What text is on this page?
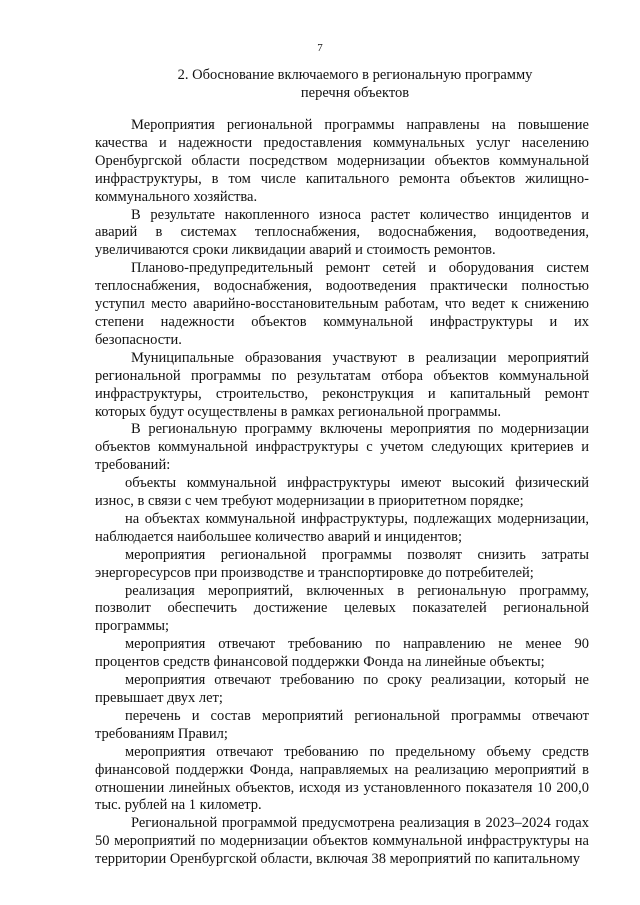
7
2. Обоснование включаемого в региональную программу
перечня объектов

Мероприятия региональной программы направлены на повышение качества и надежности предоставления коммунальных услуг населению Оренбургской области посредством модернизации объектов коммунальной инфраструктуры, в том числе капитального ремонта объектов жилищно-коммунального хозяйства.

В результате накопленного износа растет количество инцидентов и аварий в системах теплоснабжения, водоснабжения, водоотведения, увеличиваются сроки ликвидации аварий и стоимость ремонтов.

Планово-предупредительный ремонт сетей и оборудования систем теплоснабжения, водоснабжения, водоотведения практически полностью уступил место аварийно-восстановительным работам, что ведет к снижению степени надежности объектов коммунальной инфраструктуры и их безопасности.

Муниципальные образования участвуют в реализации мероприятий региональной программы по результатам отбора объектов коммунальной инфраструктуры, строительство, реконструкция и капитальный ремонт которых будут осуществлены в рамках региональной программы.

В региональную программу включены мероприятия по модернизации объектов коммунальной инфраструктуры с учетом следующих критериев и требований:

объекты коммунальной инфраструктуры имеют высокий физический износ, в связи с чем требуют модернизации в приоритетном порядке;

на объектах коммунальной инфраструктуры, подлежащих модернизации, наблюдается наибольшее количество аварий и инцидентов;

мероприятия региональной программы позволят снизить затраты энергоресурсов при производстве и транспортировке до потребителей;

реализация мероприятий, включенных в региональную программу, позволит обеспечить достижение целевых показателей региональной программы;

мероприятия отвечают требованию по направлению не менее 90 процентов средств финансовой поддержки Фонда на линейные объекты;

мероприятия отвечают требованию по сроку реализации, который не превышает двух лет;

перечень и состав мероприятий региональной программы отвечают требованиям Правил;

мероприятия отвечают требованию по предельному объему средств финансовой поддержки Фонда, направляемых на реализацию мероприятий в отношении линейных объектов, исходя из установленного показателя 10 200,0 тыс. рублей на 1 километр.

Региональной программой предусмотрена реализация в 2023–2024 годах 50 мероприятий по модернизации объектов коммунальной инфраструктуры на территории Оренбургской области, включая 38 мероприятий по капитальному
